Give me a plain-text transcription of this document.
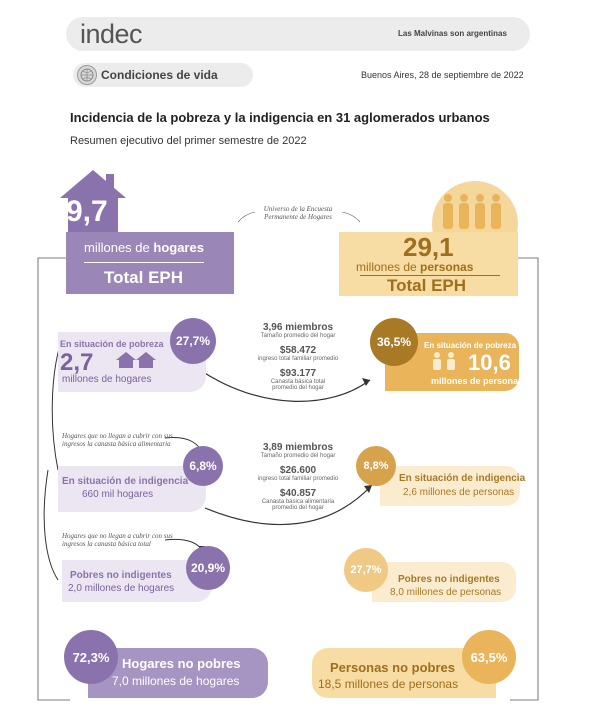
indec	Las Malvinas son argentinas
Condiciones de vida	Buenos Aires, 28 de septiembre de 2022
Incidencia de la pobreza y la indigencia en 31 aglomerados urbanos
Resumen ejecutivo del primer semestre de 2022
9,7
millones de hogares
Total EPH
Universo de la Encuesta Permanente de Hogares
29,1
millones de personas
Total EPH
En situación de pobreza
2,7
millones de hogares
27,7%
3,96 miembros
Tamaño promedio del hogar
$58.472
ingreso total familiar promedio
$93.177
Canasta básica total promedio del hogar
36,5%	En situación de pobreza
10,6
millones de personas
Hogares que no llegan a cubrir con sus ingresos la canasta básica alimentaria
6,8%
En situación de indigencia
660 mil hogares
3,89 miembros
Tamaño promedio del hogar
$26.600
ingreso total familiar promedio
$40.857
Canasta básica alimentaria promedio del hogar
8,8%
En situación de indigencia
2,6 millones de personas
Hogares que no llegan a cubrir con sus ingresos la canasta básica total
20,9%
Pobres no indigentes
2,0 millones de hogares
27,7%
Pobres no indigentes
8,0 millones de personas
72,3% Hogares no pobres
7,0 millones de hogares
63,5%
Personas no pobres
18,5 millones de personas
